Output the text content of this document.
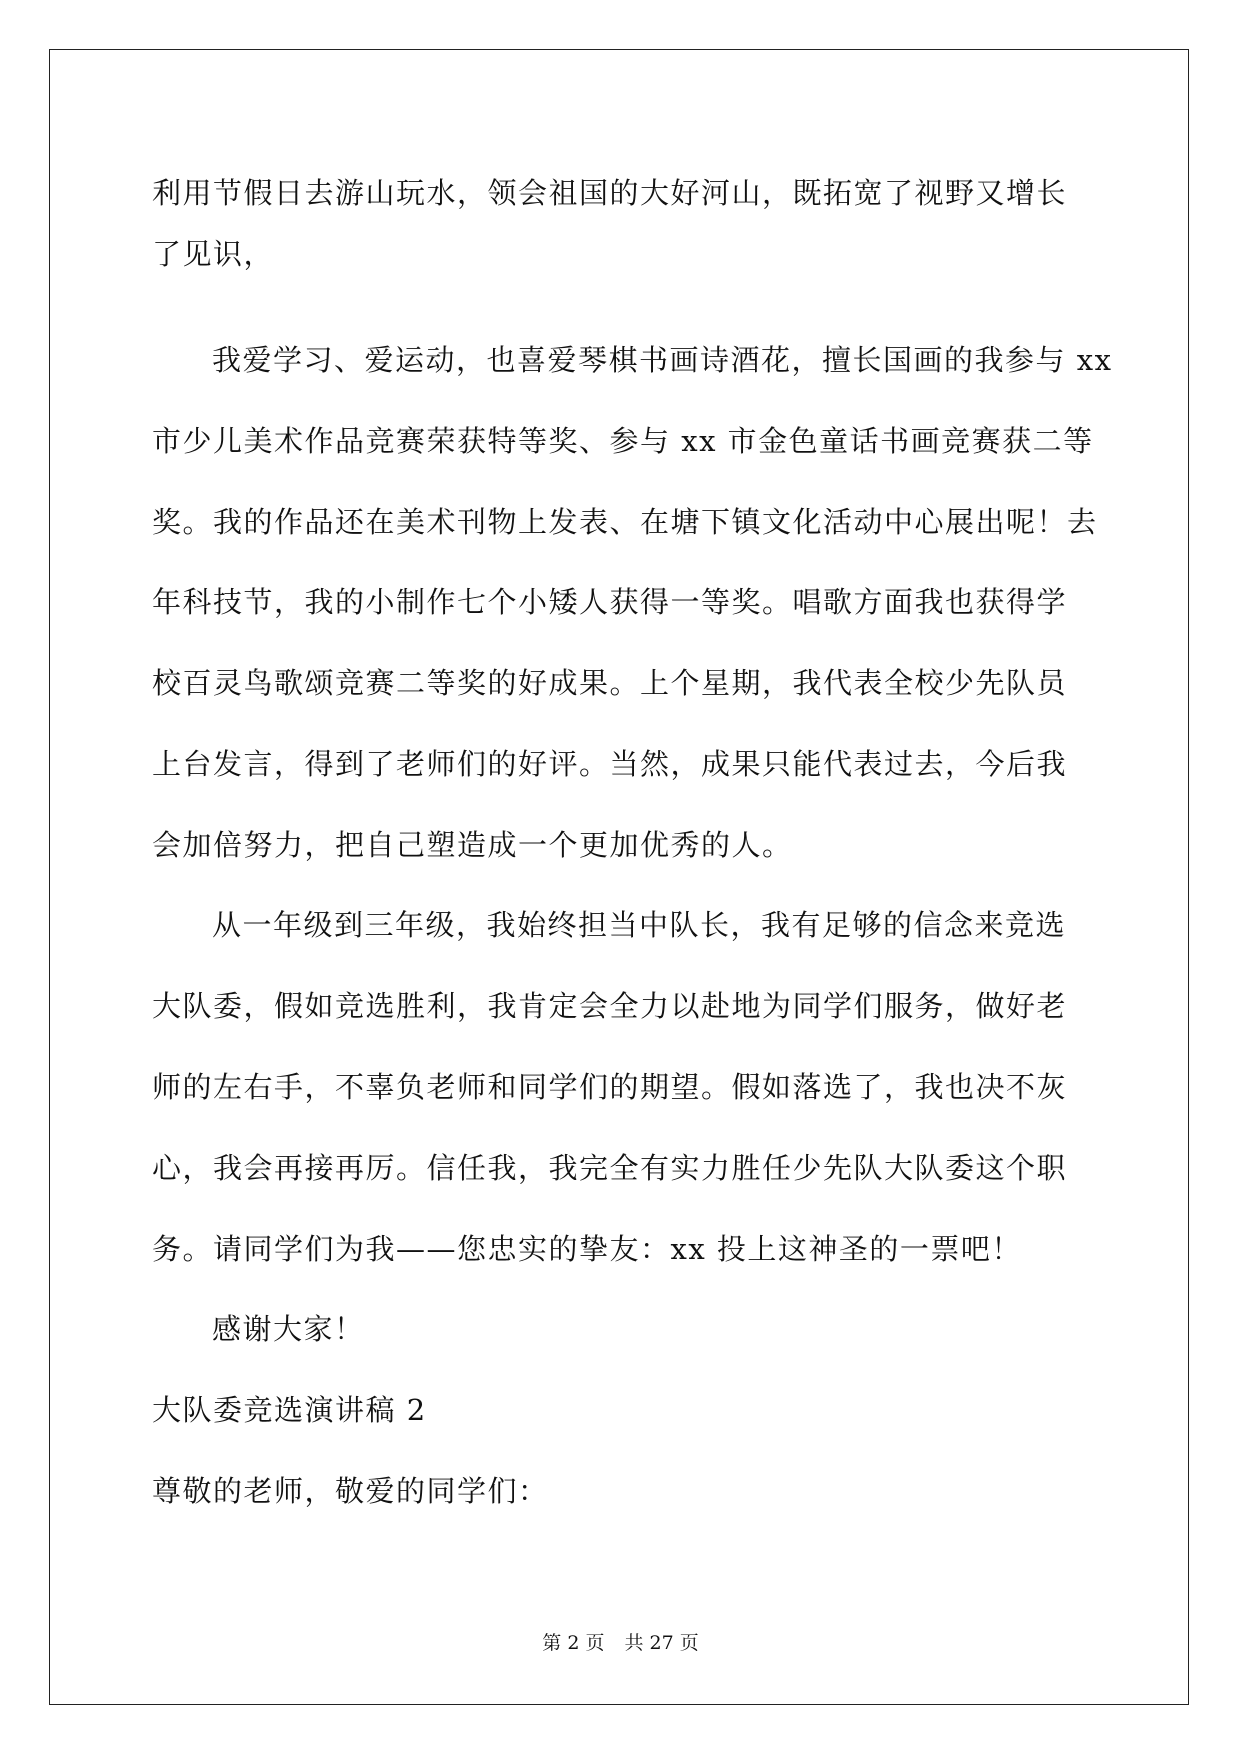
利用节假日去游山玩水，领会祖国的大好河山，既拓宽了视野又增长
了见识，
我爱学习、爱运动，也喜爱琴棋书画诗酒花，擅长国画的我参与 xx
市少儿美术作品竞赛荣获特等奖、参与 xx 市金色童话书画竞赛获二等
奖。我的作品还在美术刊物上发表、在塘下镇文化活动中心展出呢！去
年科技节，我的小制作七个小矮人获得一等奖。唱歌方面我也获得学
校百灵鸟歌颂竞赛二等奖的好成果。上个星期，我代表全校少先队员
上台发言，得到了老师们的好评。当然，成果只能代表过去，今后我
会加倍努力，把自己塑造成一个更加优秀的人。
从一年级到三年级，我始终担当中队长，我有足够的信念来竞选
大队委，假如竞选胜利，我肯定会全力以赴地为同学们服务，做好老
师的左右手，不辜负老师和同学们的期望。假如落选了，我也决不灰
心，我会再接再厉。信任我，我完全有实力胜任少先队大队委这个职
务。请同学们为我——您忠实的挚友：xx 投上这神圣的一票吧！
感谢大家！
大队委竞选演讲稿 2
尊敬的老师，敬爱的同学们：
第 2 页 共 27 页
